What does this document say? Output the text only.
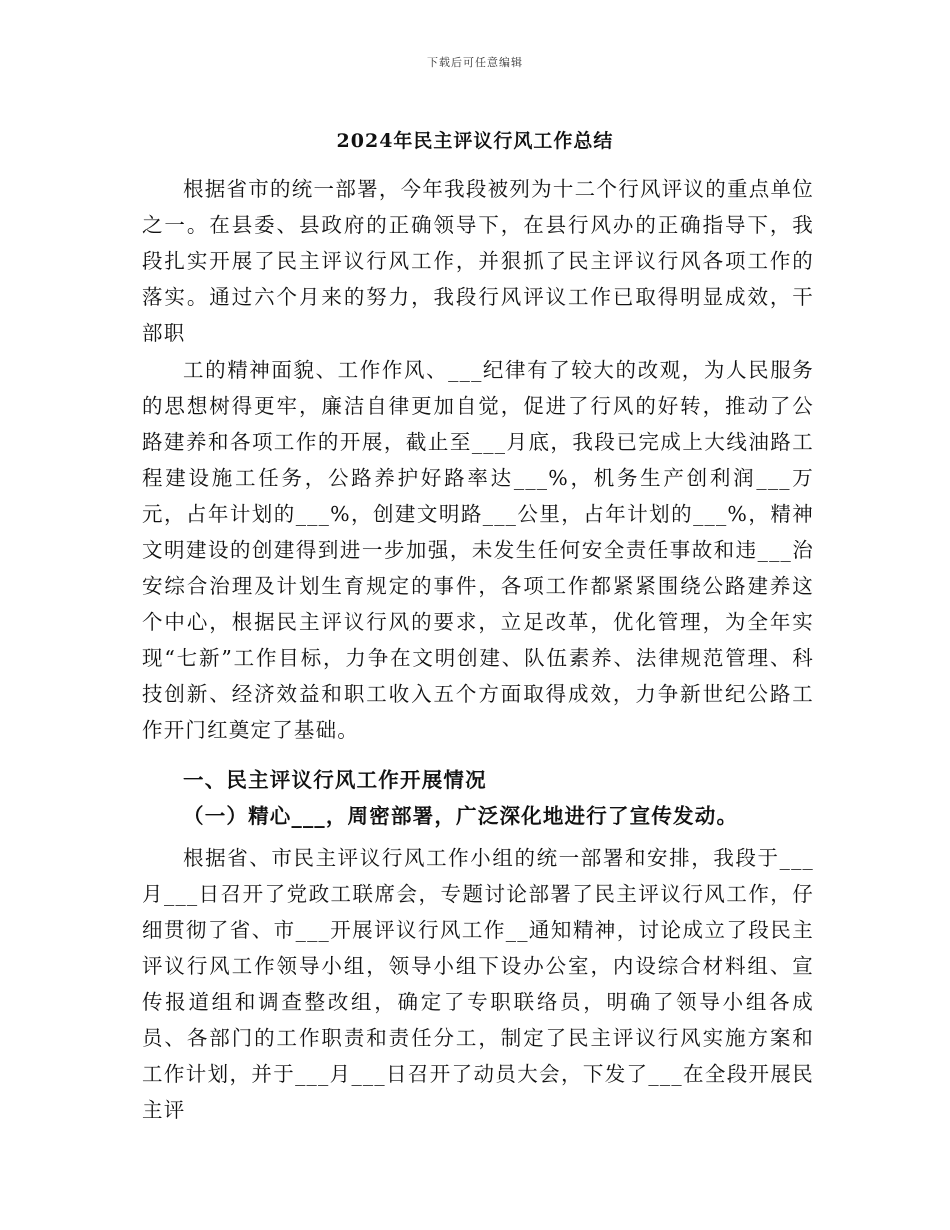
下载后可任意编辑
2024年民主评议行风工作总结

根据省市的统一部署，今年我段被列为十二个行风评议的重点单位之一。在县委、县政府的正确领导下，在县行风办的正确指导下，我段扎实开展了民主评议行风工作，并狠抓了民主评议行风各项工作的落实。通过六个月来的努力，我段行风评议工作已取得明显成效，干部职

工的精神面貌、工作作风、___纪律有了较大的改观，为人民服务的思想树得更牢，廉洁自律更加自觉，促进了行风的好转，推动了公路建养和各项工作的开展，截止至___月底，我段已完成上大线油路工程建设施工任务，公路养护好路率达___%，机务生产创利润___万元，占年计划的___%，创建文明路___公里，占年计划的___%，精神文明建设的创建得到进一步加强，未发生任何安全责任事故和违___治安综合治理及计划生育规定的事件，各项工作都紧紧围绕公路建养这个中心，根据民主评议行风的要求，立足改革，优化管理，为全年实现“七新”工作目标，力争在文明创建、队伍素养、法律规范管理、科技创新、经济效益和职工收入五个方面取得成效，力争新世纪公路工作开门红奠定了基础。

一、民主评议行风工作开展情况

（一）精心___，周密部署，广泛深化地进行了宣传发动。

根据省、市民主评议行风工作小组的统一部署和安排，我段于___月___日召开了党政工联席会，专题讨论部署了民主评议行风工作，仔细贯彻了省、市___开展评议行风工作__通知精神，讨论成立了段民主评议行风工作领导小组，领导小组下设办公室，内设综合材料组、宣传报道组和调查整改组，确定了专职联络员，明确了领导小组各成员、各部门的工作职责和责任分工，制定了民主评议行风实施方案和工作计划，并于___月___日召开了动员大会，下发了___在全段开展民主评
